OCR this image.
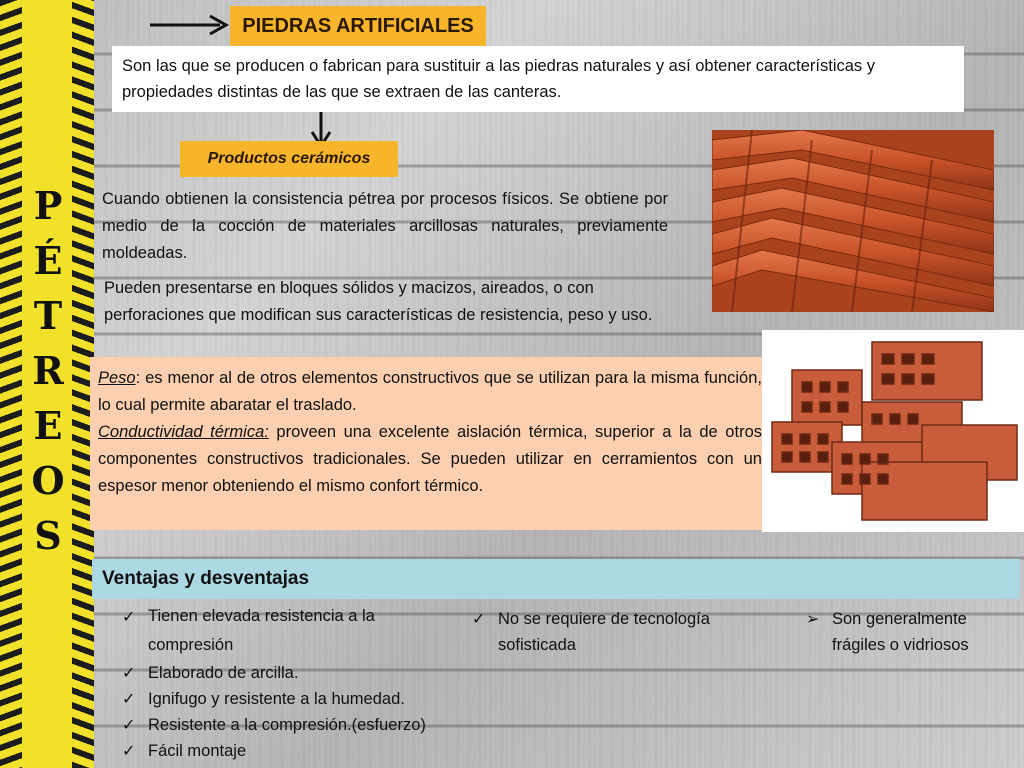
P
É
T
R
E
O
S
PIEDRAS ARTIFICIALES
Son las que se producen o fabrican para sustituir a las piedras naturales y así obtener características y propiedades distintas de las que se extraen de las canteras.
Productos cerámicos
Cuando obtienen la consistencia pétrea por procesos físicos. Se obtiene por medio de la cocción de materiales arcillosas naturales, previamente moldeadas.
Pueden presentarse en bloques sólidos y macizos, aireados, o con perforaciones que modifican sus características de resistencia, peso y uso.
Peso: es menor al de otros elementos constructivos que se utilizan para la misma función, lo cual permite abaratar el traslado.
Conductividad térmica: proveen una excelente aislación térmica, superior a la de otros componentes constructivos tradicionales. Se pueden utilizar en cerramientos con un espesor menor obteniendo el mismo confort térmico.
Ventajas y desventajas
✓ Tienen elevada resistencia a la compresión
✓ Elaborado de arcilla.
✓ Ignifugo y resistente a la humedad.
✓ Resistente a la compresión.(esfuerzo)
✓ Fácil montaje
✓ No se requiere de tecnología sofisticada
➢ Son generalmente frágiles o vidriosos
